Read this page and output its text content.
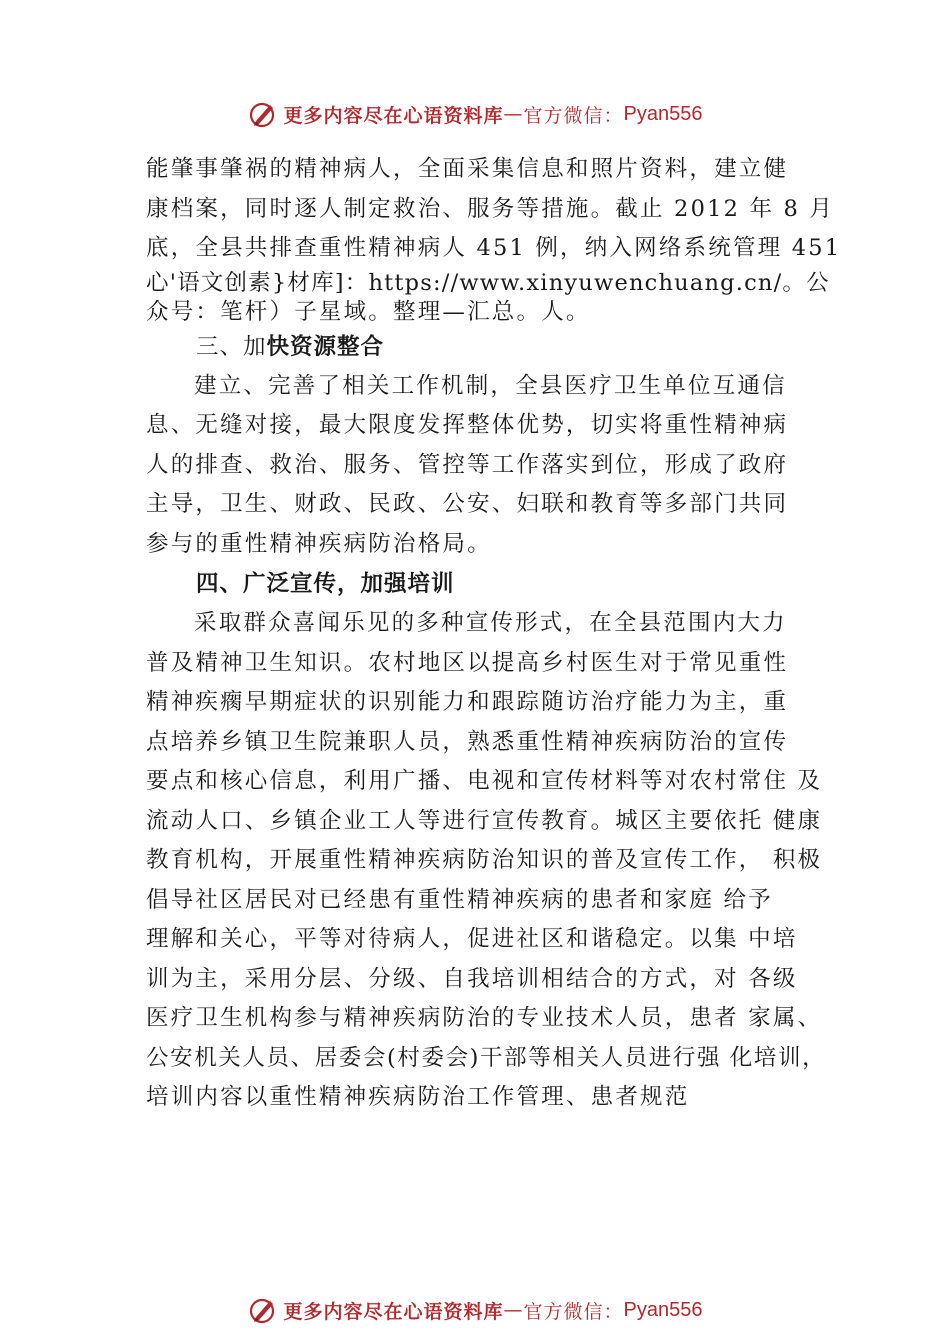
更多内容尽在心语资料库 — 官方微信： Pyan556
能肇事肇祸的精神病人，全面采集信息和照片资料，建立健
康档案，同时逐人制定救治、服务等措施。截止 2012 年 8 月
底，全县共排查重性精神病人 451 例，纳入网络系统管理 451
心'语文创素}材库]：https://www.xinyuwenchuang.cn/。公
众号：笔杆）子星域。整理—汇总。人。
三、加快资源整合
建立、完善了相关工作机制，全县医疗卫生单位互通信
息、无缝对接，最大限度发挥整体优势，切实将重性精神病
人的排查、救治、服务、管控等工作落实到位，形成了政府
主导，卫生、财政、民政、公安、妇联和教育等多部门共同
参与的重性精神疾病防治格局。
四、广泛宣传，加强培训
采取群众喜闻乐见的多种宣传形式，在全县范围内大力
普及精神卫生知识。农村地区以提高乡村医生对于常见重性
精神疾瘸早期症状的识别能力和跟踪随访治疗能力为主，重
点培养乡镇卫生院兼职人员，熟悉重性精神疾病防治的宣传
要点和核心信息，利用广播、电视和宣传材料等对农村常住 及
流动人口、乡镇企业工人等进行宣传教育。城区主要依托 健康
教育机构，开展重性精神疾病防治知识的普及宣传工作， 积极
倡导社区居民对已经患有重性精神疾病的患者和家庭 给予
理解和关心，平等对待病人，促进社区和谐稳定。以集 中培
训为主，采用分层、分级、自我培训相结合的方式，对 各级
医疗卫生机构参与精神疾病防治的专业技术人员，患者 家属、
公安机关人员、居委会(村委会)干部等相关人员进行强 化培训，
培训内容以重性精神疾病防治工作管理、患者规范
更多内容尽在心语资料库 — 官方微信： Pyan556
